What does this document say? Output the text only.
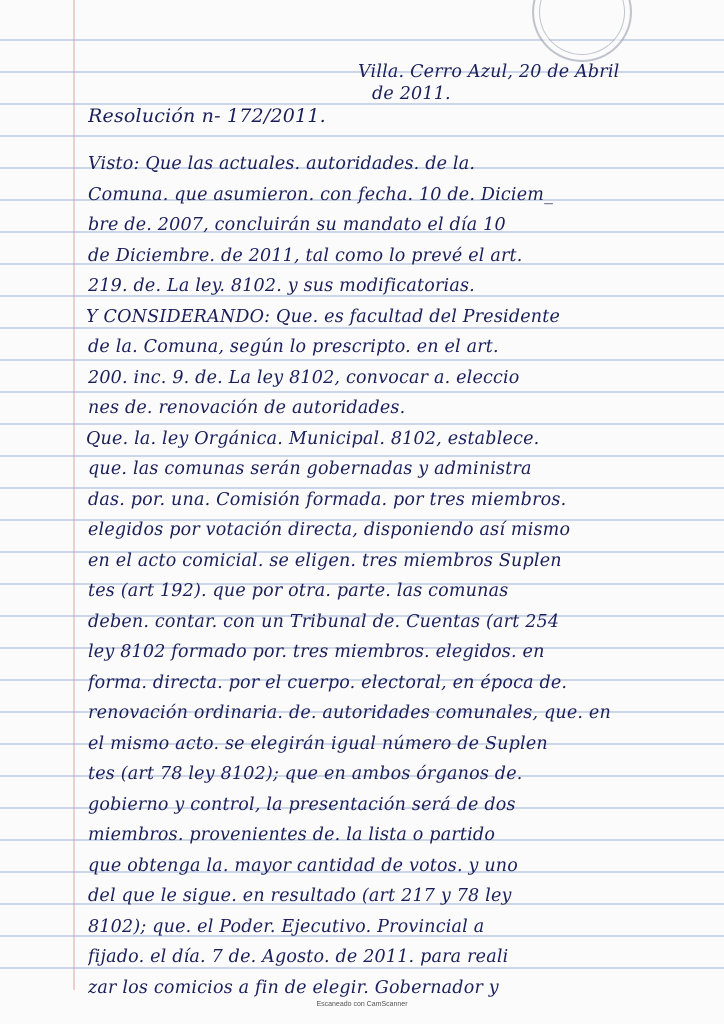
Villa. Cerro Azul, 20 de Abril
de 2011.
Resolución n- 172/2011.
Visto: Que las actuales. autoridades. de la.
Comuna. que asumieron. con fecha. 10 de. Diciem_
bre de. 2007, concluirán su mandato el día 10
de Diciembre. de 2011, tal como lo prevé el art.
219. de. La ley. 8102. y sus modificatorias.
Y CONSIDERANDO: Que. es facultad del Presidente
de la. Comuna, según lo prescripto. en el art.
200. inc. 9. de. La ley 8102, convocar a. eleccio
nes de. renovación de autoridades.
Que. la. ley Orgánica. Municipal. 8102, establece.
que. las comunas serán gobernadas y administra
das. por. una. Comisión formada. por tres miembros.
elegidos por votación directa, disponiendo así mismo
en el acto comicial. se eligen. tres miembros Suplen
tes (art 192). que por otra. parte. las comunas
deben. contar. con un Tribunal de. Cuentas (art 254
ley 8102 formado por. tres miembros. elegidos. en
forma. directa. por el cuerpo. electoral, en época de.
renovación ordinaria. de. autoridades comunales, que. en
el mismo acto. se elegirán igual número de Suplen
tes (art 78 ley 8102); que en ambos órganos de.
gobierno y control, la presentación será de dos
miembros. provenientes de. la lista o partido
que obtenga la. mayor cantidad de votos. y uno
del que le sigue. en resultado (art 217 y 78 ley
8102); que. el Poder. Ejecutivo. Provincial a
fijado. el día. 7 de. Agosto. de 2011. para reali
zar los comicios a fin de elegir. Gobernador y
Escaneado con CamScanner
